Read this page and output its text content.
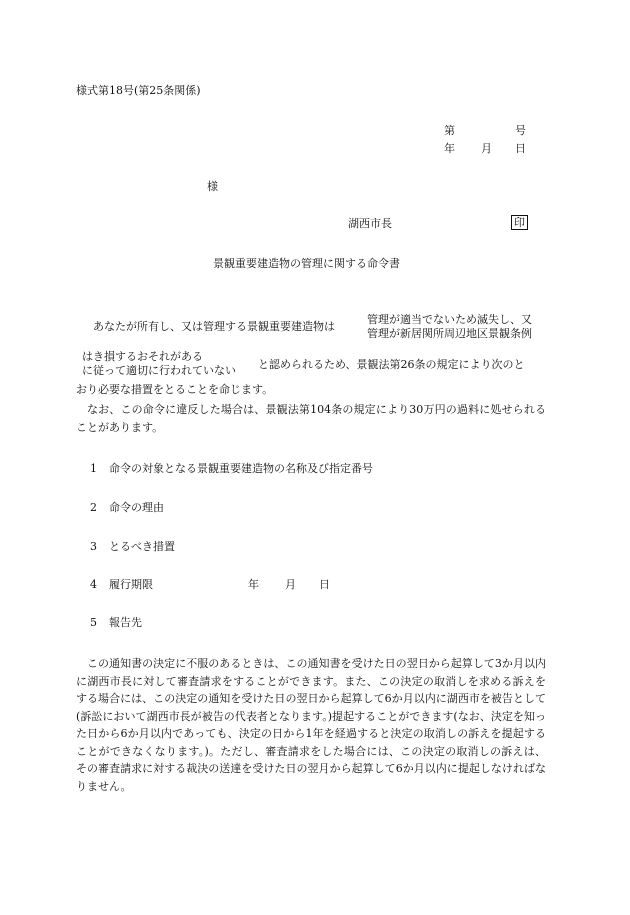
様式第18号(第25条関係)
第	号
年 月 日
様
湖西市長	印
景観重要建造物の管理に関する命令書
あなたが所有し、又は管理する景観重要建造物は
管理が適当でないため滅失し、又
管理が新居関所周辺地区景観条例
はき損するおそれがある
に従って適切に行われていない と認められるため、景観法第26条の規定により次のと
おり必要な措置をとることを命じます。
なお、この命令に違反した場合は、景観法第104条の規定により30万円の過料に処せられることがあります。
1 命令の対象となる景観重要建造物の名称及び指定番号
2 命令の理由
3 とるべき措置
4 履行期限	年 月 日
5 報告先
この通知書の決定に不服のあるときは、この通知書を受けた日の翌日から起算して3か月以内に湖西市長に対して審査請求をすることができます。また、この決定の取消しを求める訴えをする場合には、この決定の通知を受けた日の翌日から起算して6か月以内に湖西市を被告として(訴訟において湖西市長が被告の代表者となります。)提起することができます(なお、決定を知った日から6か月以内であっても、決定の日から1年を経過すると決定の取消しの訴えを提起することができなくなります。)。ただし、審査請求をした場合には、この決定の取消しの訴えは、その審査請求に対する裁決の送達を受けた日の翌月から起算して6か月以内に提起しなければなりません。
